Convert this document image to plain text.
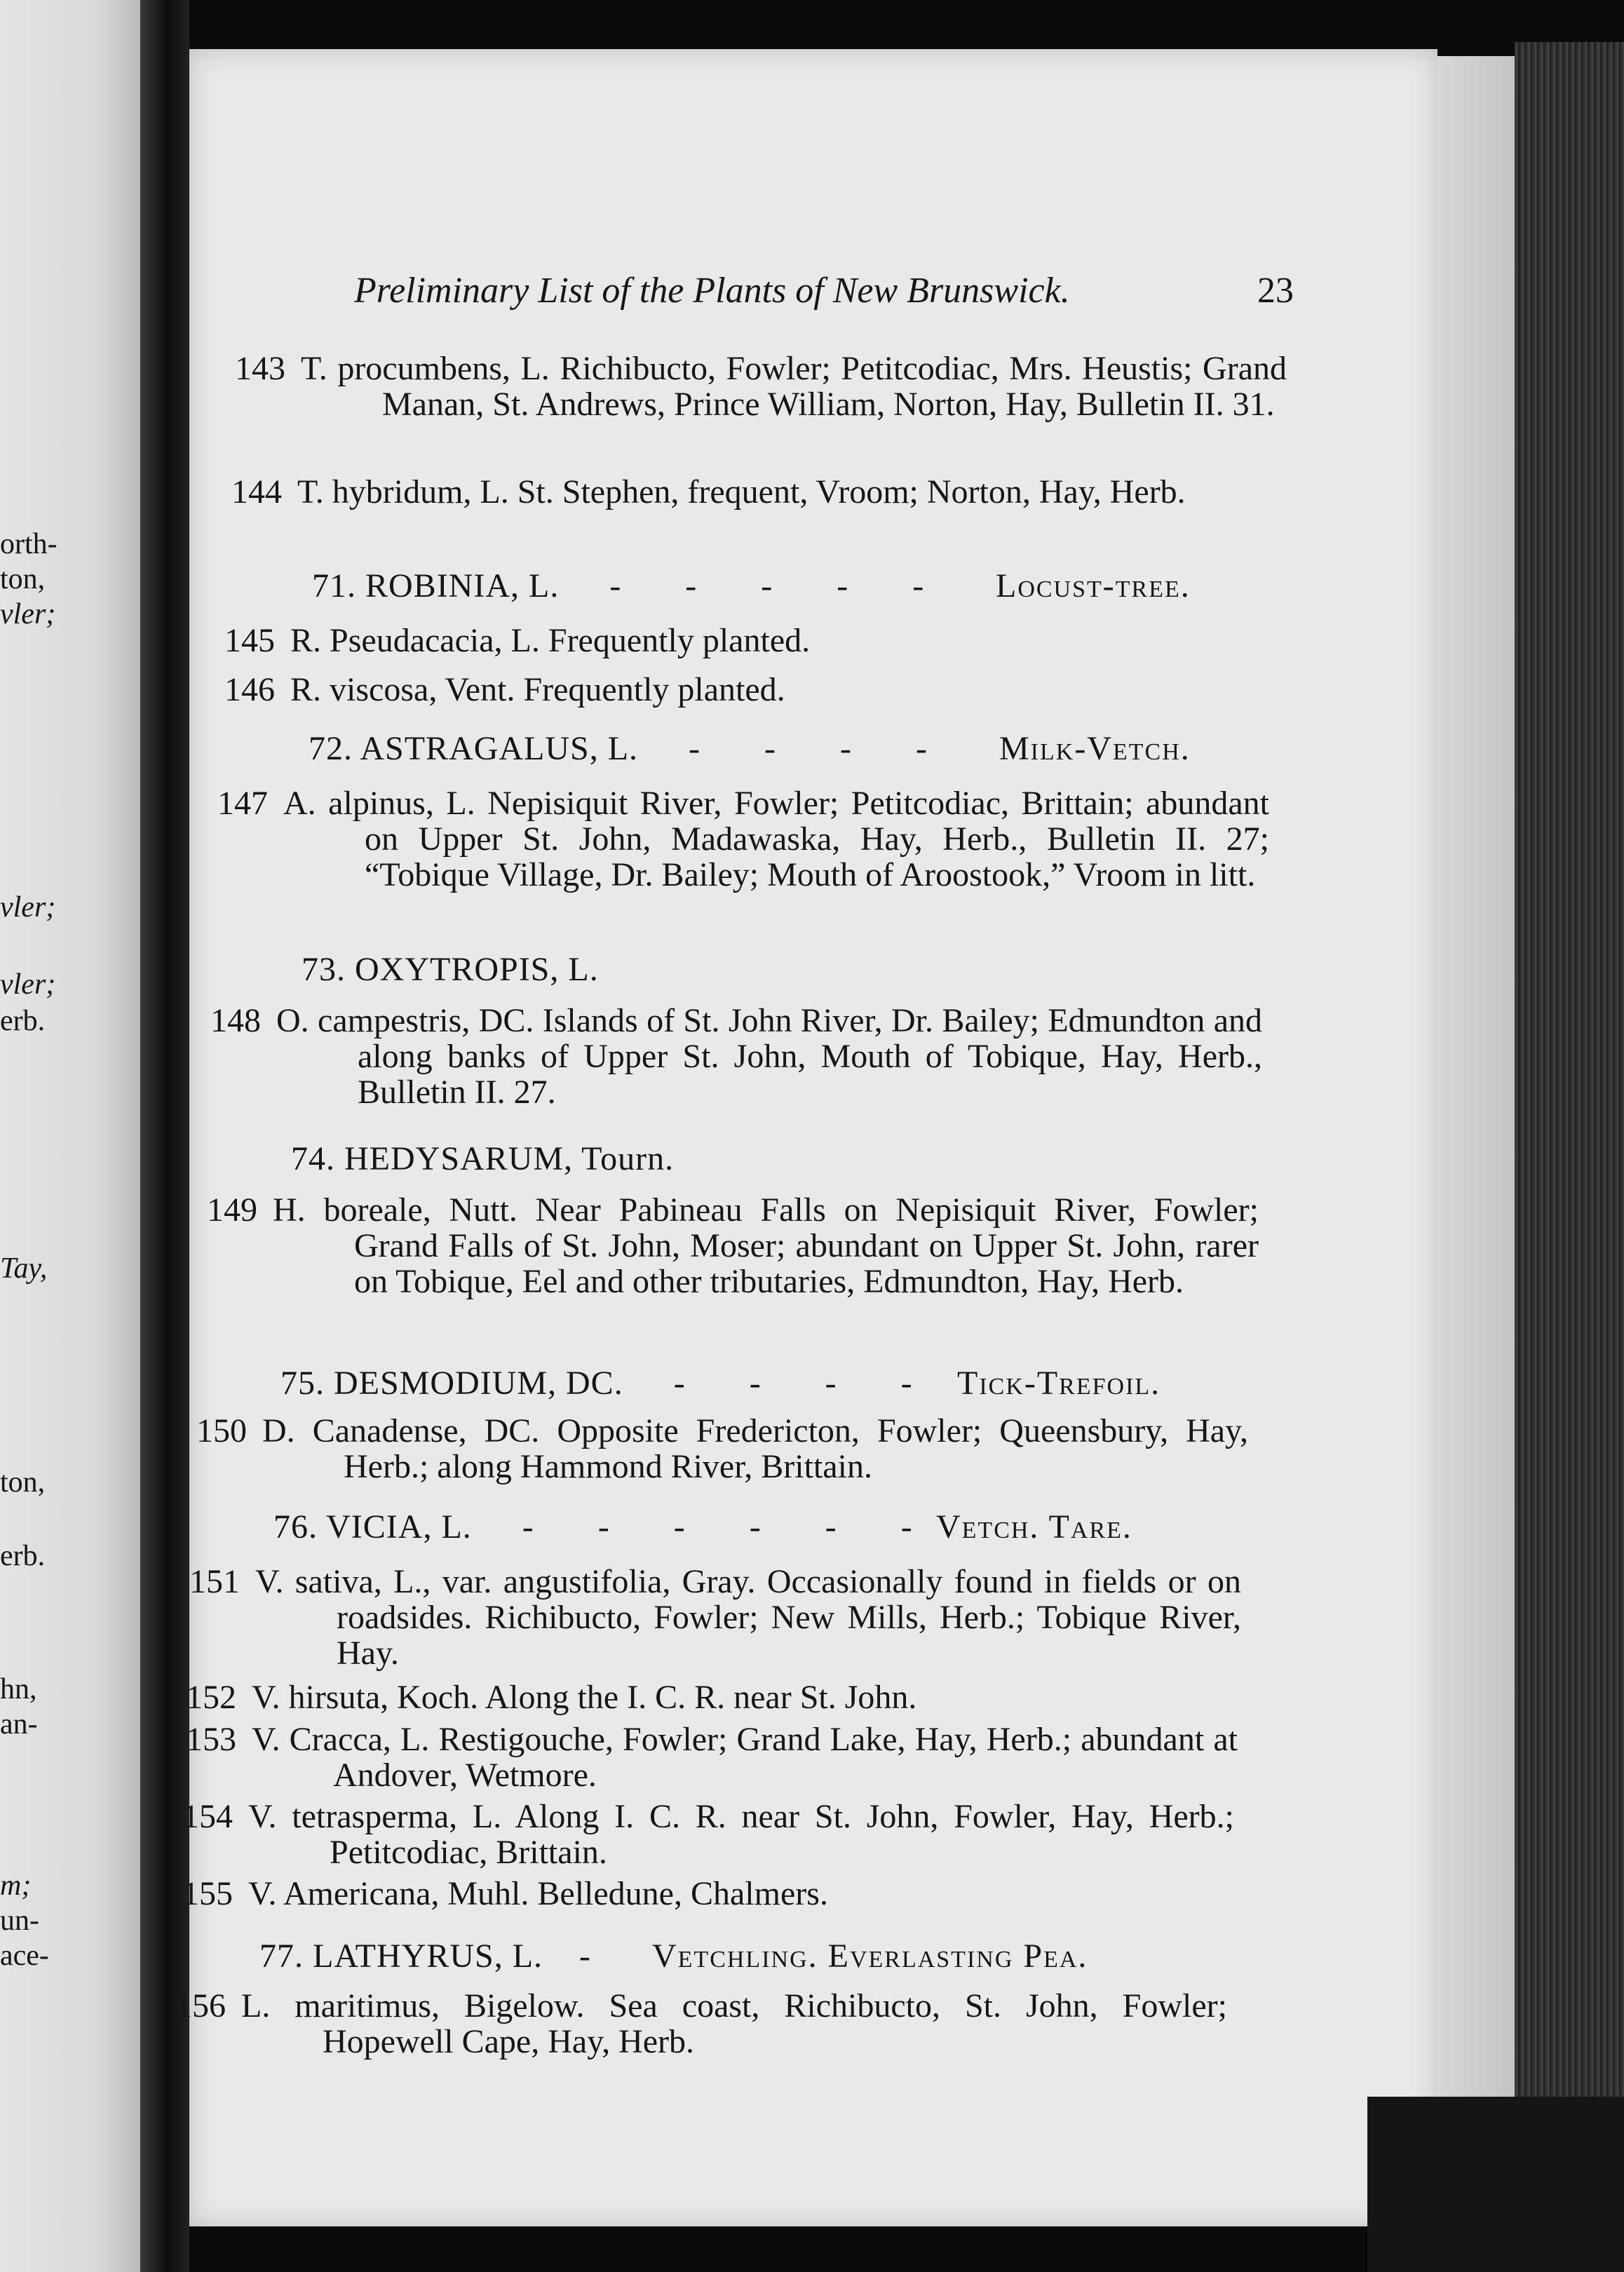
orth-
ton,
vler;
vler;
vler;
erb.
Tay,
ton,
erb.
hn,
an-
m;
un-
ace-
Preliminary List of the Plants of New Brunswick.	23
143 T. procumbens, L. Richibucto, Fowler; Petitcodiac, Mrs. Heustis; Grand Manan, St. Andrews, Prince William, Norton, Hay, Bulletin II. 31.
144 T. hybridum, L. St. Stephen, frequent, Vroom; Norton, Hay, Herb.
71. ROBINIA, L. - - - - - Locust-tree.
145 R. Pseudacacia, L. Frequently planted.
146 R. viscosa, Vent. Frequently planted.
72. ASTRAGALUS, L. - - - - Milk-Vetch.
147 A. alpinus, L. Nepisiquit River, Fowler; Petitcodiac, Brittain; abundant on Upper St. John, Madawaska, Hay, Herb., Bulletin II. 27; “Tobique Village, Dr. Bailey; Mouth of Aroostook,” Vroom in litt.
73. OXYTROPIS, L.
148 O. campestris, DC. Islands of St. John River, Dr. Bailey; Edmundton and along banks of Upper St. John, Mouth of Tobique, Hay, Herb., Bulletin II. 27.
74. HEDYSARUM, Tourn.
149 H. boreale, Nutt. Near Pabineau Falls on Nepisiquit River, Fowler; Grand Falls of St. John, Moser; abundant on Upper St. John, rarer on Tobique, Eel and other tributaries, Edmundton, Hay, Herb.
75. DESMODIUM, DC. - - - - Tick-Trefoil.
150 D. Canadense, DC. Opposite Fredericton, Fowler; Queensbury, Hay, Herb.; along Hammond River, Brittain.
76. VICIA, L. - - - - - -
Vetch. Tare.
151 V. sativa, L., var. angustifolia, Gray. Occasionally found in fields or on roadsides. Richibucto, Fowler; New Mills, Herb.; Tobique River, Hay.
152 V. hirsuta, Koch. Along the I. C. R. near St. John.
153 V. Cracca, L. Restigouche, Fowler; Grand Lake, Hay, Herb.; abundant at Andover, Wetmore.
154 V. tetrasperma, L. Along I. C. R. near St. John, Fowler, Hay, Herb.; Petitcodiac, Brittain.
155 V. Americana, Muhl. Belledune, Chalmers.
77. LATHYRUS, L. - Vetchling. Everlasting Pea.
156 L. maritimus, Bigelow. Sea coast, Richibucto, St. John, Fowler; Hopewell Cape, Hay, Herb.
